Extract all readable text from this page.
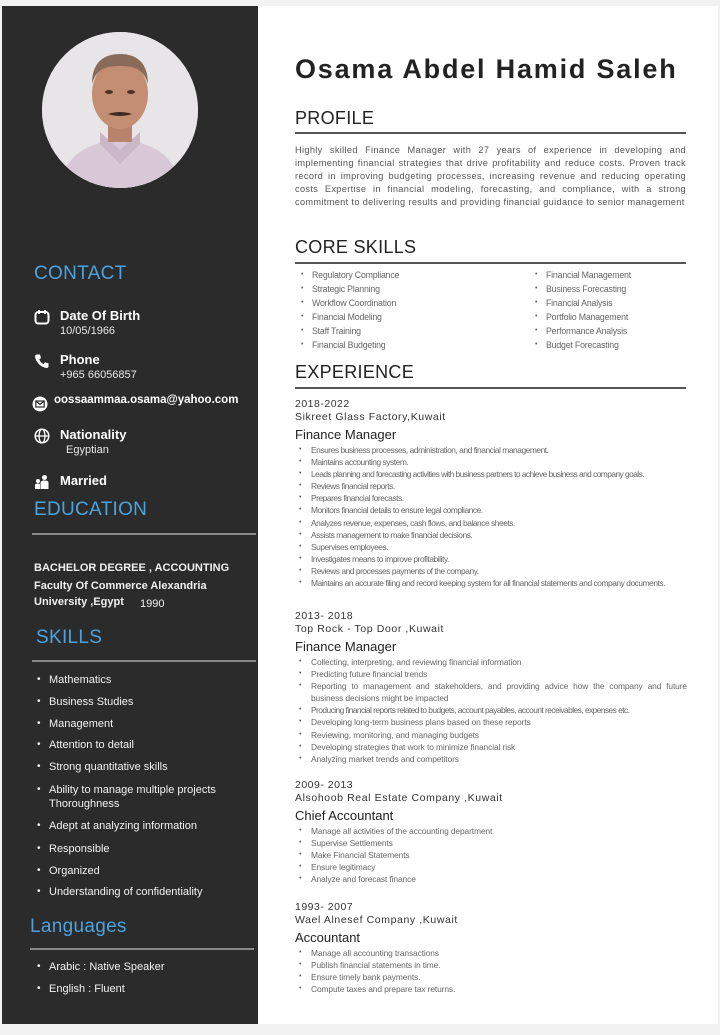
CONTACT
Date Of Birth
10/05/1966
Phone
+965 66056857
oossaammaa.osama@yahoo.com
Nationality
Egyptian
Married
EDUCATION
BACHELOR DEGREE , ACCOUNTING
Faculty Of Commerce Alexandria
University ,Egypt 1990
SKILLS
• Mathematics
• Business Studies
• Management
• Attention to detail
• Strong quantitative skills
• Ability to manage multiple projects Thoroughness
• Adept at analyzing information
• Responsible
• Organized
• Understanding of confidentiality
Languages
• Arabic : Native Speaker
• English : Fluent
Osama Abdel Hamid Saleh
PROFILE

Highly skilled Finance Manager with 27 years of experience in developing and implementing financial strategies that drive profitability and reduce costs. Proven track record in improving budgeting processes, increasing revenue and reducing operating costs Expertise in financial modeling, forecasting, and compliance, with a strong commitment to delivering results and providing financial guidance to senior management

CORE SKILLS
• Regulatory Compliance
• Strategic Planning
• Workflow Coordination
• Financial Modeling
• Staff Training
• Financial Budgeting
• Financial Management
• Business Forecasting
• Financial Analysis
• Portfolio Management
• Performance Analysis
• Budget Forecasting
EXPERIENCE
2018-2022
Sikreet Glass Factory,Kuwait
Finance Manager
• Ensures business processes, administration, and financial management.
• Maintains accounting system.
• Leads planning and forecasting activities with business partners to achieve business and company goals.
• Reviews financial reports.
• Prepares financial forecasts.
• Monitors financial details to ensure legal compliance.
• Analyzes revenue, expenses, cash flows, and balance sheets.
• Assists management to make financial decisions.
• Supervises employees.
• Investigates means to improve profitability.
• Reviews and processes payments of the company.
• Maintains an accurate filing and record keeping system for all financial statements and company documents.
2013- 2018
Top Rock - Top Door ,Kuwait
Finance Manager
• Collecting, interpreting, and reviewing financial information
• Predicting future financial trends
• Reporting to management and stakeholders, and providing advice how the company and future business decisions might be impacted
• Producing financial reports related to budgets, account payables, account receivables, expenses etc.
• Developing long-term business plans based on these reports
• Reviewing, monitoring, and managing budgets
• Developing strategies that work to minimize financial risk
• Analyzing market trends and competitors
2009- 2013
Alsohoob Real Estate Company ,Kuwait
Chief Accountant
• Manage all activities of the accounting department
• Supervise Settlements
• Make Financial Statements
• Ensure legitimacy
• Analyze and forecast finance
1993- 2007
Wael Alnesef Company ,Kuwait
Accountant
• Manage all accounting transactions
• Publish financial statements in time.
• Ensure timely bank payments.
• Compute taxes and prepare tax returns.
